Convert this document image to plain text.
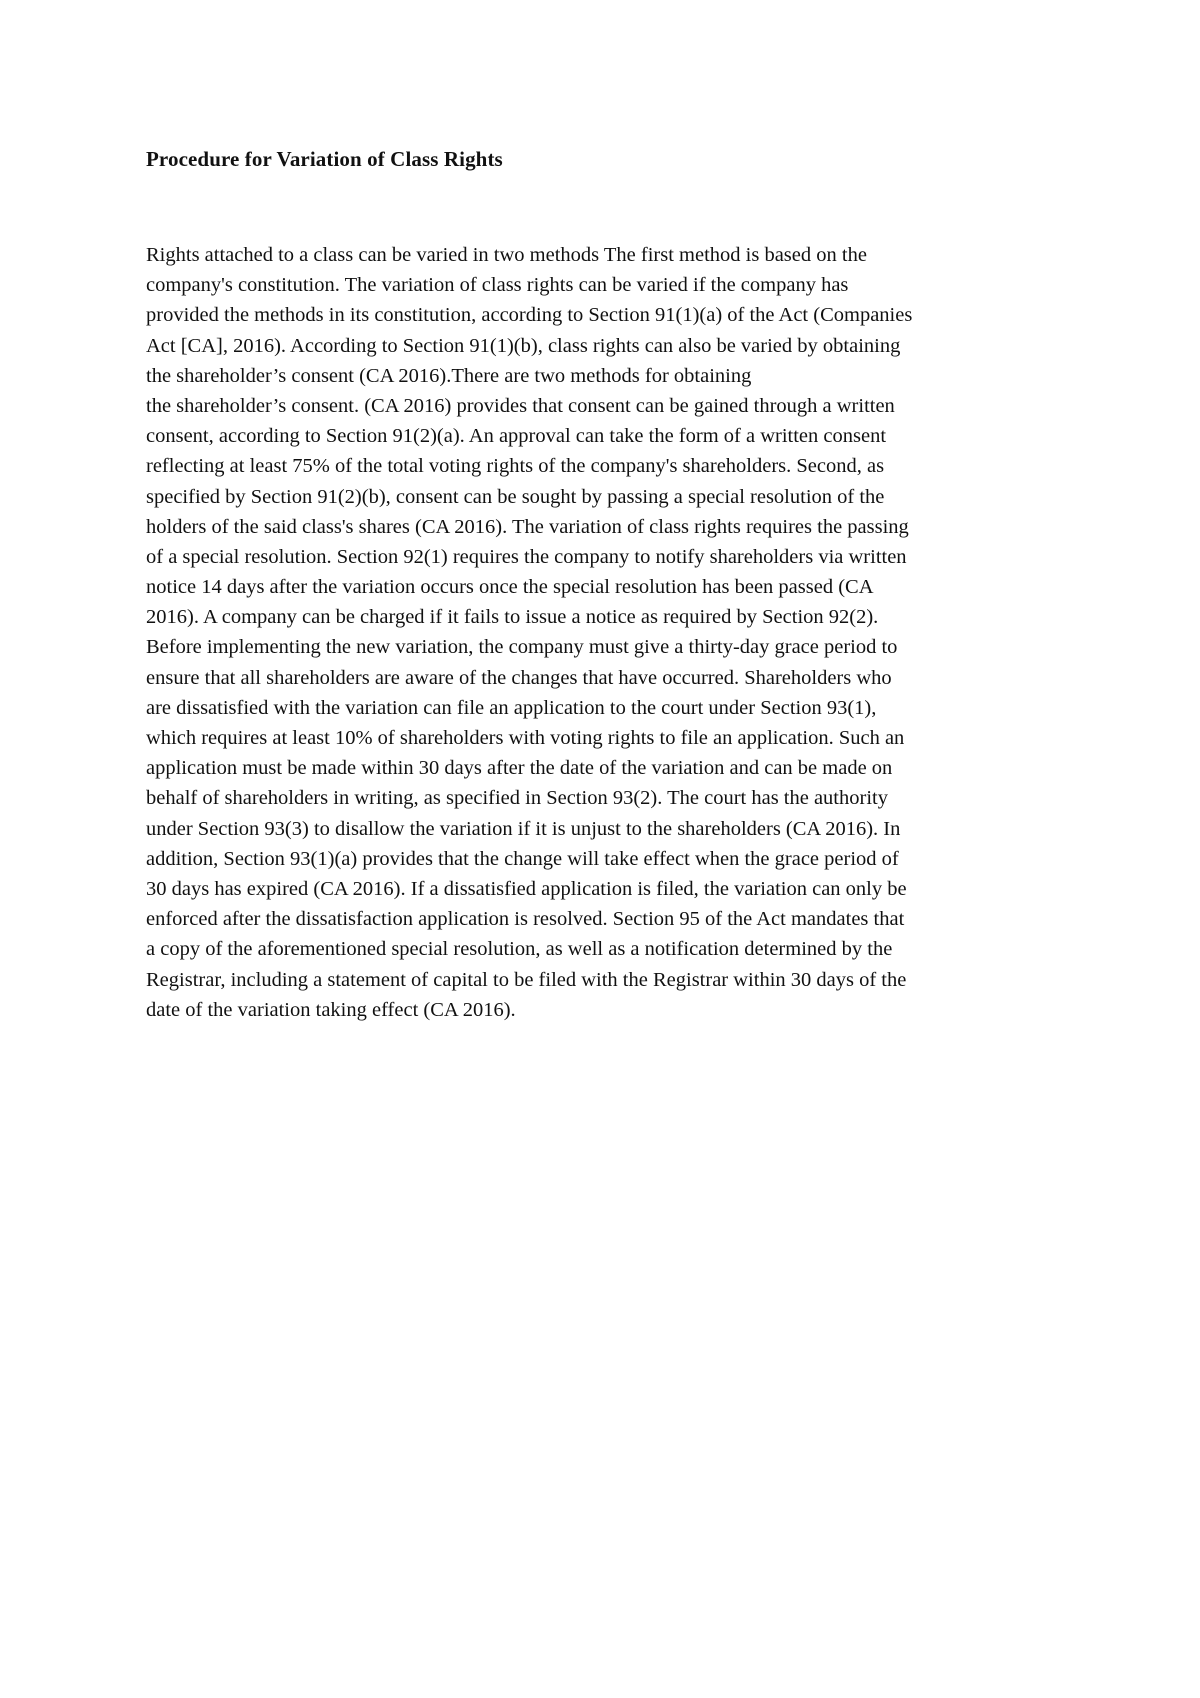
Procedure for Variation of Class Rights
Rights attached to a class can be varied in two methods The first method is based on the
company's constitution. The variation of class rights can be varied if the company has
provided the methods in its constitution, according to Section 91(1)(a) of the Act (Companies
Act [CA], 2016). According to Section 91(1)(b), class rights can also be varied by obtaining
the shareholder’s consent (CA 2016).There are two methods for obtaining
the shareholder’s consent. (CA 2016) provides that consent can be gained through a written
consent, according to Section 91(2)(a). An approval can take the form of a written consent
reflecting at least 75% of the total voting rights of the company's shareholders. Second, as
specified by Section 91(2)(b), consent can be sought by passing a special resolution of the
holders of the said class's shares (CA 2016). The variation of class rights requires the passing
of a special resolution. Section 92(1) requires the company to notify shareholders via written
notice 14 days after the variation occurs once the special resolution has been passed (CA
2016). A company can be charged if it fails to issue a notice as required by Section 92(2).
Before implementing the new variation, the company must give a thirty-day grace period to
ensure that all shareholders are aware of the changes that have occurred. Shareholders who
are dissatisfied with the variation can file an application to the court under Section 93(1),
which requires at least 10% of shareholders with voting rights to file an application. Such an
application must be made within 30 days after the date of the variation and can be made on
behalf of shareholders in writing, as specified in Section 93(2). The court has the authority
under Section 93(3) to disallow the variation if it is unjust to the shareholders (CA 2016). In
addition, Section 93(1)(a) provides that the change will take effect when the grace period of
30 days has expired (CA 2016). If a dissatisfied application is filed, the variation can only be
enforced after the dissatisfaction application is resolved. Section 95 of the Act mandates that
a copy of the aforementioned special resolution, as well as a notification determined by the
Registrar, including a statement of capital to be filed with the Registrar within 30 days of the
date of the variation taking effect (CA 2016).
